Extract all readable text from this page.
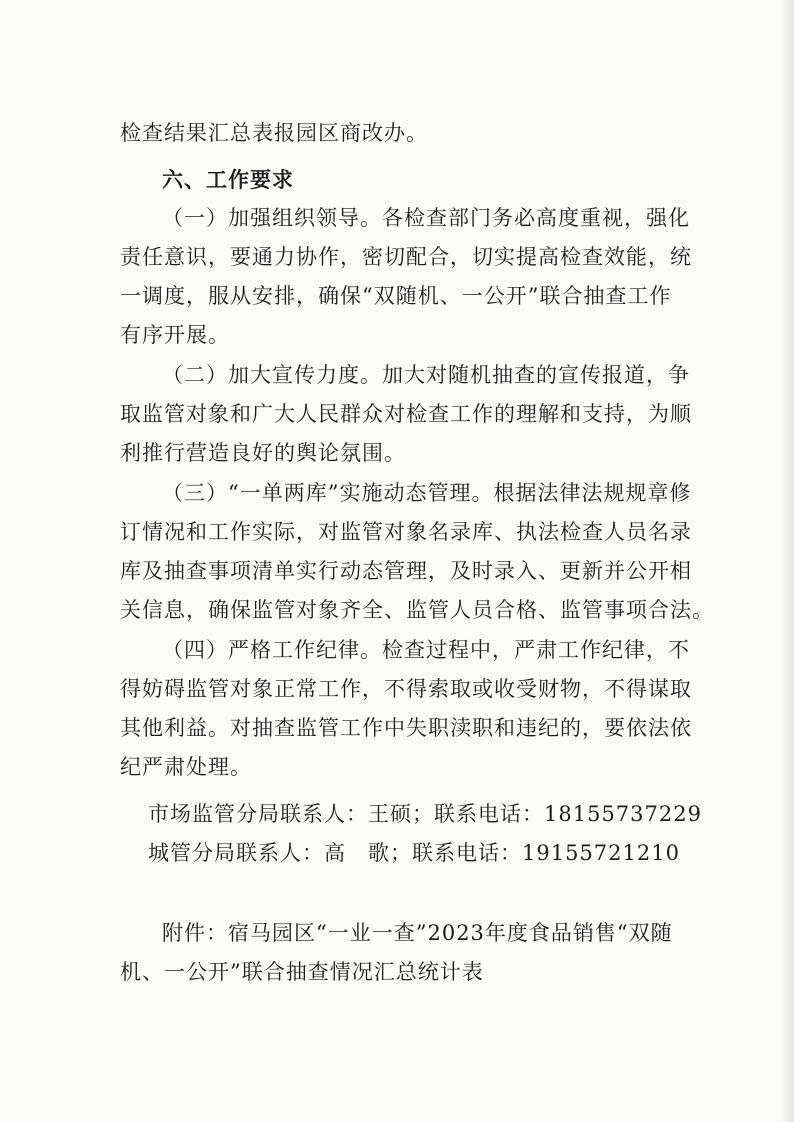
检查结果汇总表报园区商改办。

六、工作要求

（一）加强组织领导。各检查部门务必高度重视，强化
责任意识，要通力协作，密切配合，切实提高检查效能，统
一调度，服从安排，确保“双随机、一公开”联合抽查工作
有序开展。
（二）加大宣传力度。加大对随机抽查的宣传报道，争
取监管对象和广大人民群众对检查工作的理解和支持，为顺
利推行营造良好的舆论氛围。
（三）“一单两库”实施动态管理。根据法律法规规章修
订情况和工作实际，对监管对象名录库、执法检查人员名录
库及抽查事项清单实行动态管理，及时录入、更新并公开相
关信息，确保监管对象齐全、监管人员合格、监管事项合法。
（四）严格工作纪律。检查过程中，严肃工作纪律，不
得妨碍监管对象正常工作，不得索取或收受财物，不得谋取
其他利益。对抽查监管工作中失职渎职和违纪的，要依法依
纪严肃处理。

市场监管分局联系人：王硕；联系电话：18155737229

城管分局联系人：高　歌；联系电话：19155721210

附件：宿马园区“一业一查”2023年度食品销售“双随
机、一公开”联合抽查情况汇总统计表
